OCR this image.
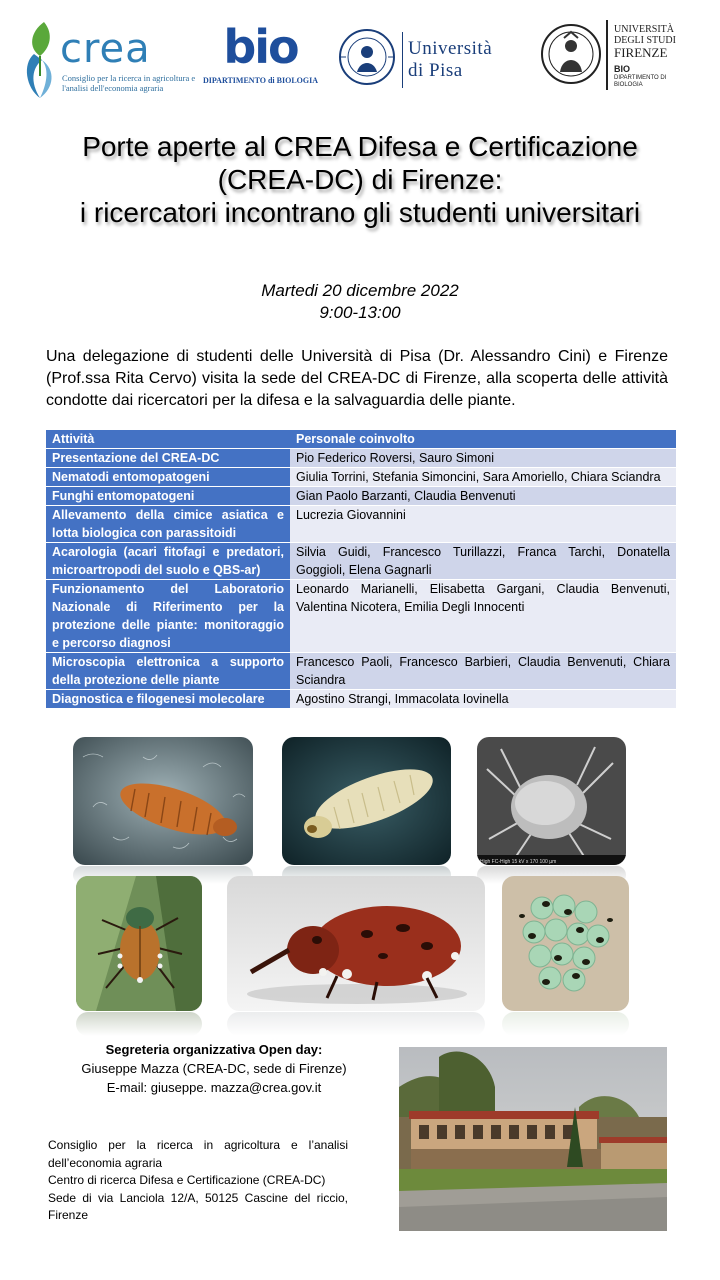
crea
Consiglio per la ricerca in agricoltura e l'analisi dell'economia agraria
bio
DIPARTIMENTO di BIOLOGIA
Università
di Pisa
UNIVERSITÀ
DEGLI STUDI
FIRENZE
BIO
DIPARTIMENTO DI BIOLOGIA
Porte aperte al CREA Difesa e Certificazione
(CREA-DC) di Firenze:
i ricercatori incontrano gli studenti universitari
Martedi 20 dicembre 2022
9:00-13:00
Una delegazione di studenti delle Università di Pisa (Dr. Alessandro Cini) e Firenze (Prof.ssa Rita Cervo) visita la sede del CREA-DC di Firenze, alla scoperta delle attività condotte dai ricercatori per la difesa e la salvaguardia delle piante.
Attività	Personale coinvolto
Presentazione del CREA-DC	Pio Federico Roversi, Sauro Simoni
Nematodi entomopatogeni	Giulia Torrini, Stefania Simoncini, Sara Amoriello, Chiara Sciandra
Funghi entomopatogeni	Gian Paolo Barzanti, Claudia Benvenuti
Allevamento della cimice asiatica e lotta biologica con parassitoidi	Lucrezia Giovannini
Acarologia (acari fitofagi e predatori, microartropodi del suolo e QBS-ar)	Silvia Guidi, Francesco Turillazzi, Franca Tarchi, Donatella Goggioli, Elena Gagnarli
Funzionamento del Laboratorio Nazionale di Riferimento per la protezione delle piante: monitoraggio e percorso diagnosi	Leonardo Marianelli, Elisabetta Gargani, Claudia Benvenuti, Valentina Nicotera, Emilia Degli Innocenti
Microscopia elettronica a supporto della protezione delle piante	Francesco Paoli, Francesco Barbieri, Claudia Benvenuti, Chiara Sciandra
Diagnostica e filogenesi molecolare	Agostino Strangi, Immacolata Iovinella
High FC-High 15 kV x 170 100 µm
Segreteria organizzativa Open day:
Giuseppe Mazza (CREA-DC, sede di Firenze)
E-mail: giuseppe. mazza@crea.gov.it
Consiglio per la ricerca in agricoltura e l’analisi dell’economia agraria
Centro di ricerca Difesa e Certificazione (CREA-DC)
Sede di via Lanciola 12/A, 50125 Cascine del riccio, Firenze
